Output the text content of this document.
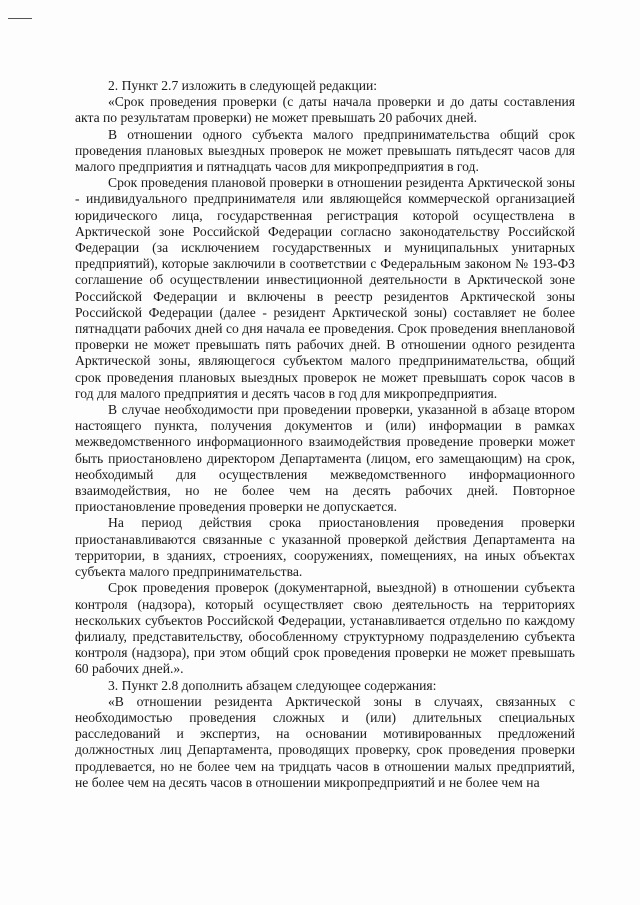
2. Пункт 2.7 изложить в следующей редакции:

«Срок проведения проверки (с даты начала проверки и до даты составления акта по результатам проверки) не может превышать 20 рабочих дней.

В отношении одного субъекта малого предпринимательства общий срок проведения плановых выездных проверок не может превышать пятьдесят часов для малого предприятия и пятнадцать часов для микропредприятия в год.

Срок проведения плановой проверки в отношении резидента Арктической зоны - индивидуального предпринимателя или являющейся коммерческой организацией юридического лица, государственная регистрация которой осуществлена в Арктической зоне Российской Федерации согласно законодательству Российской Федерации (за исключением государственных и муниципальных унитарных предприятий), которые заключили в соответствии с Федеральным законом № 193-ФЗ соглашение об осуществлении инвестиционной деятельности в Арктической зоне Российской Федерации и включены в реестр резидентов Арктической зоны Российской Федерации (далее - резидент Арктической зоны) составляет не более пятнадцати рабочих дней со дня начала ее проведения. Срок проведения внеплановой проверки не может превышать пять рабочих дней. В отношении одного резидента Арктической зоны, являющегося субъектом малого предпринимательства, общий срок проведения плановых выездных проверок не может превышать сорок часов в год для малого предприятия и десять часов в год для микропредприятия.

В случае необходимости при проведении проверки, указанной в абзаце втором настоящего пункта, получения документов и (или) информации в рамках межведомственного информационного взаимодействия проведение проверки может быть приостановлено директором Департамента (лицом, его замещающим) на срок, необходимый для осуществления межведомственного информационного взаимодействия, но не более чем на десять рабочих дней. Повторное приостановление проведения проверки не допускается.

На период действия срока приостановления проведения проверки приостанавливаются связанные с указанной проверкой действия Департамента на территории, в зданиях, строениях, сооружениях, помещениях, на иных объектах субъекта малого предпринимательства.

Срок проведения проверок (документарной, выездной) в отношении субъекта контроля (надзора), который осуществляет свою деятельность на территориях нескольких субъектов Российской Федерации, устанавливается отдельно по каждому филиалу, представительству, обособленному структурному подразделению субъекта контроля (надзора), при этом общий срок проведения проверки не может превышать 60 рабочих дней.».

3. Пункт 2.8 дополнить абзацем следующее содержания:

«В отношении резидента Арктической зоны в случаях, связанных с необходимостью проведения сложных и (или) длительных специальных расследований и экспертиз, на основании мотивированных предложений должностных лиц Департамента, проводящих проверку, срок проведения проверки продлевается, но не более чем на тридцать часов в отношении малых предприятий, не более чем на десять часов в отношении микропредприятий и не более чем на
